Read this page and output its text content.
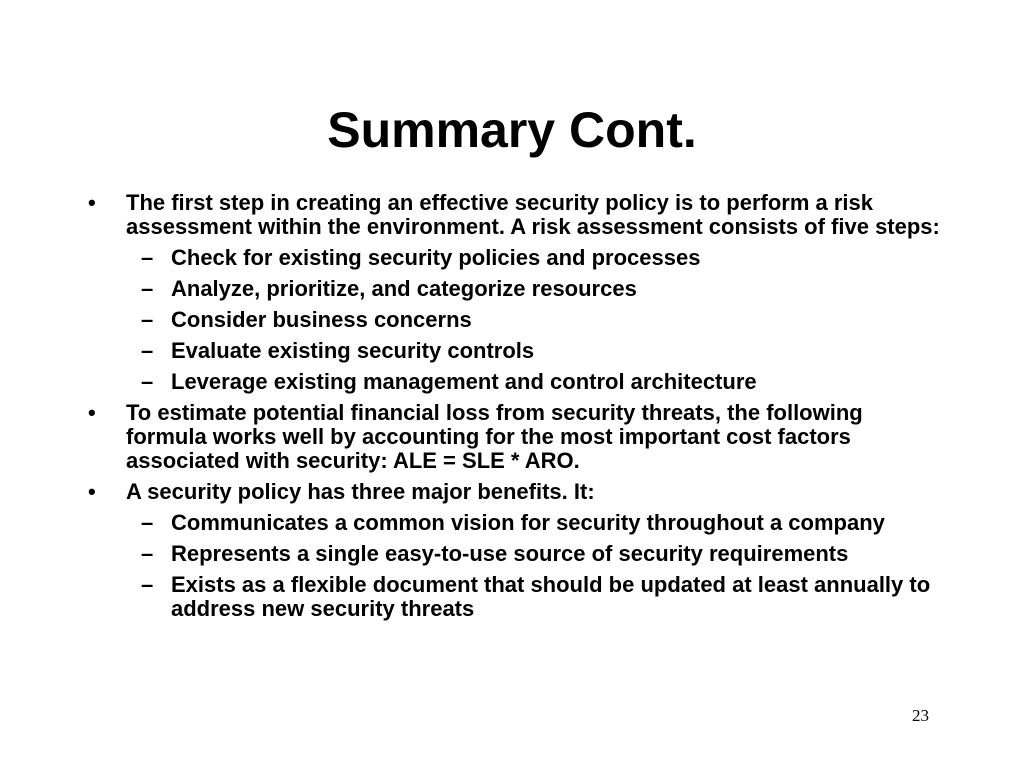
Summary Cont.
•	The first step in creating an effective security policy is to perform a risk assessment within the environment. A risk assessment consists of five steps:
– Check for existing security policies and processes
– Analyze, prioritize, and categorize resources
– Consider business concerns
– Evaluate existing security controls
– Leverage existing management and control architecture
•	To estimate potential financial loss from security threats, the following formula works well by accounting for the most important cost factors associated with security: ALE = SLE * ARO.
•	A security policy has three major benefits. It:
– Communicates a common vision for security throughout a company
– Represents a single easy-to-use source of security requirements
– Exists as a flexible document that should be updated at least annually to address new security threats
23
